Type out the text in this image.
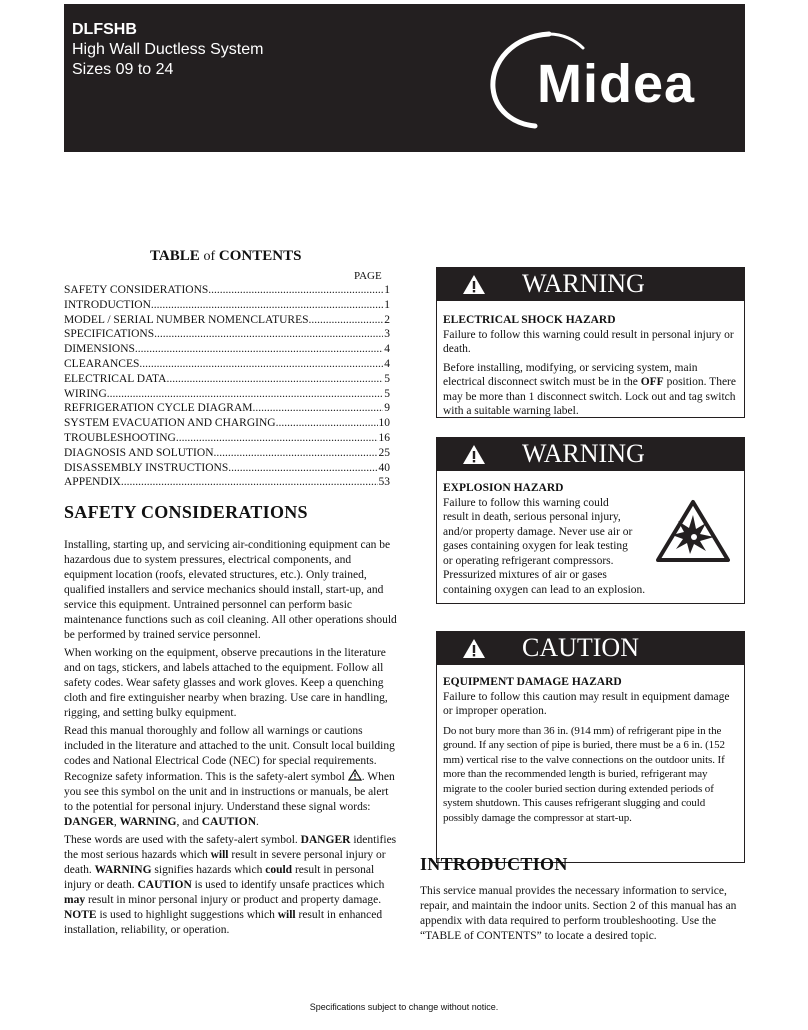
DLFSHB
High Wall Ductless System
Sizes 09 to 24	Midea
TABLE of CONTENTS
PAGE
SAFETY CONSIDERATIONS .....	1
INTRODUCTION .....	1
MODEL / SERIAL NUMBER NOMENCLATURES .....	2
SPECIFICATIONS .....	3
DIMENSIONS .....	4
CLEARANCES .....	4
ELECTRICAL DATA .....	5
WIRING .....	5
REFRIGERATION CYCLE DIAGRAM .....	9
SYSTEM EVACUATION AND CHARGING .....	10
TROUBLESHOOTING .....	16
DIAGNOSIS AND SOLUTION .....	25
DISASSEMBLY INSTRUCTIONS .....	40
APPENDIX .....	53
SAFETY CONSIDERATIONS

Installing, starting up, and servicing air-conditioning equipment can be hazardous due to system pressures, electrical components, and equipment location (roofs, elevated structures, etc.). Only trained, qualified installers and service mechanics should install, start-up, and service this equipment. Untrained personnel can perform basic maintenance functions such as coil cleaning. All other operations should be performed by trained service personnel.

When working on the equipment, observe precautions in the literature and on tags, stickers, and labels attached to the equipment. Follow all safety codes. Wear safety glasses and work gloves. Keep a quenching cloth and fire extinguisher nearby when brazing. Use care in handling, rigging, and setting bulky equipment.

Read this manual thoroughly and follow all warnings or cautions included in the literature and attached to the unit. Consult local building codes and National Electrical Code (NEC) for special requirements. Recognize safety information. This is the safety-alert symbol . When you see this symbol on the unit and in instructions or manuals, be alert to the potential for personal injury. Understand these signal words: DANGER, WARNING, and CAUTION.

These words are used with the safety-alert symbol. DANGER identifies the most serious hazards which will result in severe personal injury or death. WARNING signifies hazards which could result in personal injury or death. CAUTION is used to identify unsafe practices which may result in minor personal injury or product and property damage. NOTE is used to highlight suggestions which will result in enhanced installation, reliability, or operation.

WARNING
ELECTRICAL SHOCK HAZARD

Failure to follow this warning could result in personal injury or death.

Before installing, modifying, or servicing system, main electrical disconnect switch must be in the OFF position. There may be more than 1 disconnect switch. Lock out and tag switch with a suitable warning label.

WARNING
EXPLOSION HAZARD
Failure to follow this warning could
result in death, serious personal injury,
and/or property damage. Never use air or
gases containing oxygen for leak testing
or operating refrigerant compressors.
Pressurized mixtures of air or gases
containing oxygen can lead to an explosion.
CAUTION
EQUIPMENT DAMAGE HAZARD

Failure to follow this caution may result in equipment damage or improper operation.

Do not bury more than 36 in. (914 mm) of refrigerant pipe in the ground. If any section of pipe is buried, there must be a 6 in. (152 mm) vertical rise to the valve connections on the outdoor units. If more than the recommended length is buried, refrigerant may migrate to the cooler buried section during extended periods of system shutdown. This causes refrigerant slugging and could possibly damage the compressor at start-up.

INTRODUCTION
This service manual provides the necessary information to service, repair, and maintain the indoor units. Section 2 of this manual has an appendix with data required to perform troubleshooting. Use the “TABLE of CONTENTS” to locate a desired topic.
Specifications subject to change without notice.
